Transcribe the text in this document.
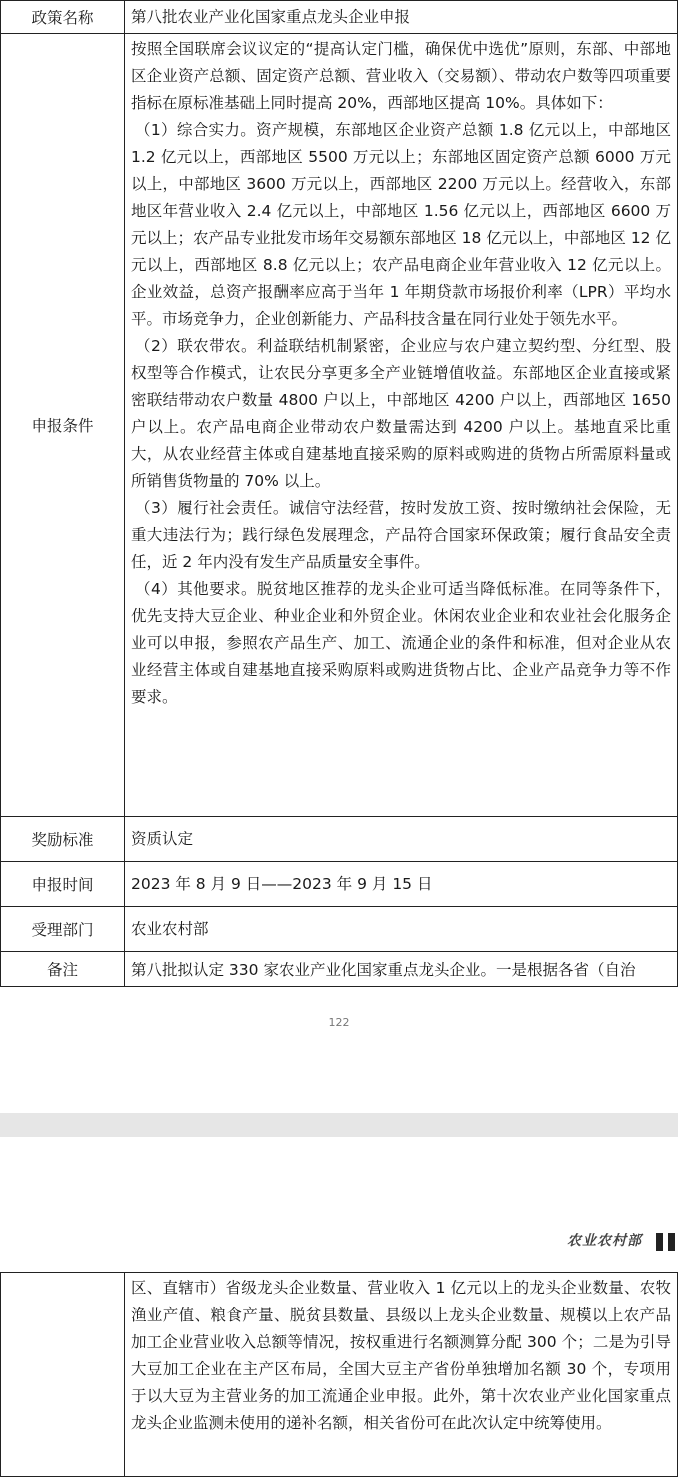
政策名称	第八批农业产业化国家重点龙头企业申报
申报条件	按照全国联席会议议定的“提高认定门槛，确保优中选优”原则，东部、中部地区企业资产总额、固定资产总额、营业收入（交易额）、带动农户数等四项重要指标在原标准基础上同时提高 20%，西部地区提高 10%。具体如下：
（1）综合实力。资产规模，东部地区企业资产总额 1.8 亿元以上，中部地区 1.2 亿元以上，西部地区 5500 万元以上；东部地区固定资产总额 6000 万元以上，中部地区 3600 万元以上，西部地区 2200 万元以上。经营收入，东部地区年营业收入 2.4 亿元以上，中部地区 1.56 亿元以上，西部地区 6600 万元以上；农产品专业批发市场年交易额东部地区 18 亿元以上，中部地区 12 亿元以上，西部地区 8.8 亿元以上；农产品电商企业年营业收入 12 亿元以上。企业效益，总资产报酬率应高于当年 1 年期贷款市场报价利率（LPR）平均水平。市场竞争力，企业创新能力、产品科技含量在同行业处于领先水平。
（2）联农带农。利益联结机制紧密，企业应与农户建立契约型、分红型、股权型等合作模式，让农民分享更多全产业链增值收益。东部地区企业直接或紧密联结带动农户数量 4800 户以上，中部地区 4200 户以上，西部地区 1650 户以上。农产品电商企业带动农户数量需达到 4200 户以上。基地直采比重大，从农业经营主体或自建基地直接采购的原料或购进的货物占所需原料量或所销售货物量的 70% 以上。
（3）履行社会责任。诚信守法经营，按时发放工资、按时缴纳社会保险，无重大违法行为；践行绿色发展理念，产品符合国家环保政策；履行食品安全责任，近 2 年内没有发生产品质量安全事件。
（4）其他要求。脱贫地区推荐的龙头企业可适当降低标准。在同等条件下，优先支持大豆企业、种业企业和外贸企业。休闲农业企业和农业社会化服务企业可以申报，参照农产品生产、加工、流通企业的条件和标准，但对企业从农业经营主体或自建基地直接采购原料或购进货物占比、企业产品竞争力等不作要求。

奖励标准	资质认定
申报时间	2023 年 8 月 9 日——2023 年 9 月 15 日
受理部门	农业农村部
备注	第八批拟认定 330 家农业产业化国家重点龙头企业。一是根据各省（自治
122
农业农村部

区、直辖市）省级龙头企业数量、营业收入 1 亿元以上的龙头企业数量、农牧渔业产值、粮食产量、脱贫县数量、县级以上龙头企业数量、规模以上农产品加工企业营业收入总额等情况，按权重进行名额测算分配 300 个；二是为引导大豆加工企业在主产区布局，全国大豆主产省份单独增加名额 30 个，专项用于以大豆为主营业务的加工流通企业申报。此外，第十次农业产业化国家重点龙头企业监测未使用的递补名额，相关省份可在此次认定中统筹使用。
